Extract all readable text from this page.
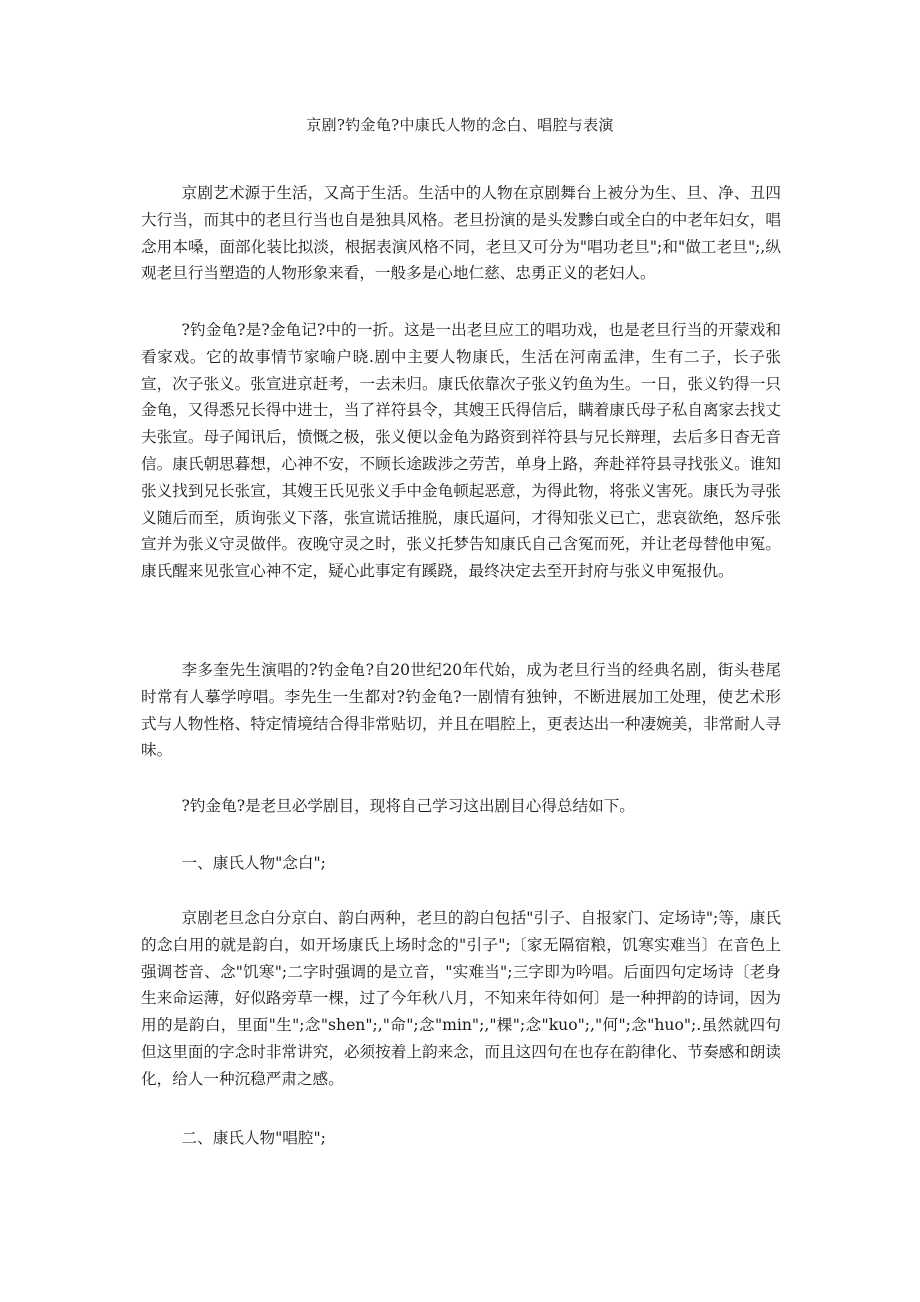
京剧?钓金龟?中康氏人物的念白、唱腔与表演

京剧艺术源于生活，又高于生活。生活中的人物在京剧舞台上被分为生、旦、净、丑四大行当，而其中的老旦行当也自是独具风格。老旦扮演的是头发黪白或全白的中老年妇女，唱念用本嗓，面部化装比拟淡，根据表演风格不同，老旦又可分为"唱功老旦";和"做工老旦";,纵观老旦行当塑造的人物形象来看，一般多是心地仁慈、忠勇正义的老妇人。

?钓金龟?是?金龟记?中的一折。这是一出老旦应工的唱功戏，也是老旦行当的开蒙戏和看家戏。它的故事情节家喻户晓.剧中主要人物康氏，生活在河南孟津，生有二子，长子张宣，次子张义。张宣进京赶考，一去未归。康氏依靠次子张义钓鱼为生。一日，张义钓得一只金龟，又得悉兄长得中进士，当了祥符县令，其嫂王氏得信后，瞒着康氏母子私自离家去找丈夫张宣。母子闻讯后，愤慨之极，张义便以金龟为路资到祥符县与兄长辩理，去后多日杳无音信。康氏朝思暮想，心神不安，不顾长途跋涉之劳苦，单身上路，奔赴祥符县寻找张义。谁知张义找到兄长张宣，其嫂王氏见张义手中金龟顿起恶意，为得此物，将张义害死。康氏为寻张义随后而至，质询张义下落，张宣谎话推脱，康氏逼问，才得知张义已亡，悲哀欲绝，怒斥张宣并为张义守灵做伴。夜晚守灵之时，张义托梦告知康氏自己含冤而死，并让老母替他申冤。康氏醒来见张宣心神不定，疑心此事定有蹊跷，最终决定去至开封府与张义申冤报仇。

李多奎先生演唱的?钓金龟?自20世纪20年代始，成为老旦行当的经典名剧，街头巷尾时常有人摹学哼唱。李先生一生都对?钓金龟?一剧情有独钟，不断进展加工处理，使艺术形式与人物性格、特定情境结合得非常贴切，并且在唱腔上，更表达出一种凄婉美，非常耐人寻味。

?钓金龟?是老旦必学剧目，现将自己学习这出剧目心得总结如下。

一、康氏人物"念白";

京剧老旦念白分京白、韵白两种，老旦的韵白包括"引子、自报家门、定场诗";等，康氏的念白用的就是韵白，如开场康氏上场时念的"引子";〔家无隔宿粮，饥寒实难当〕在音色上强调苍音、念"饥寒";二字时强调的是立音，"实难当";三字即为吟唱。后面四句定场诗〔老身生来命运薄，好似路旁草一棵，过了今年秋八月，不知来年待如何〕是一种押韵的诗词，因为用的是韵白，里面"生";念"shen";,"命";念"min";,"棵";念"kuo";,"何";念"huo";.虽然就四句但这里面的字念时非常讲究，必须按着上韵来念，而且这四句在也存在韵律化、节奏感和朗读化，给人一种沉稳严肃之感。

二、康氏人物"唱腔";
